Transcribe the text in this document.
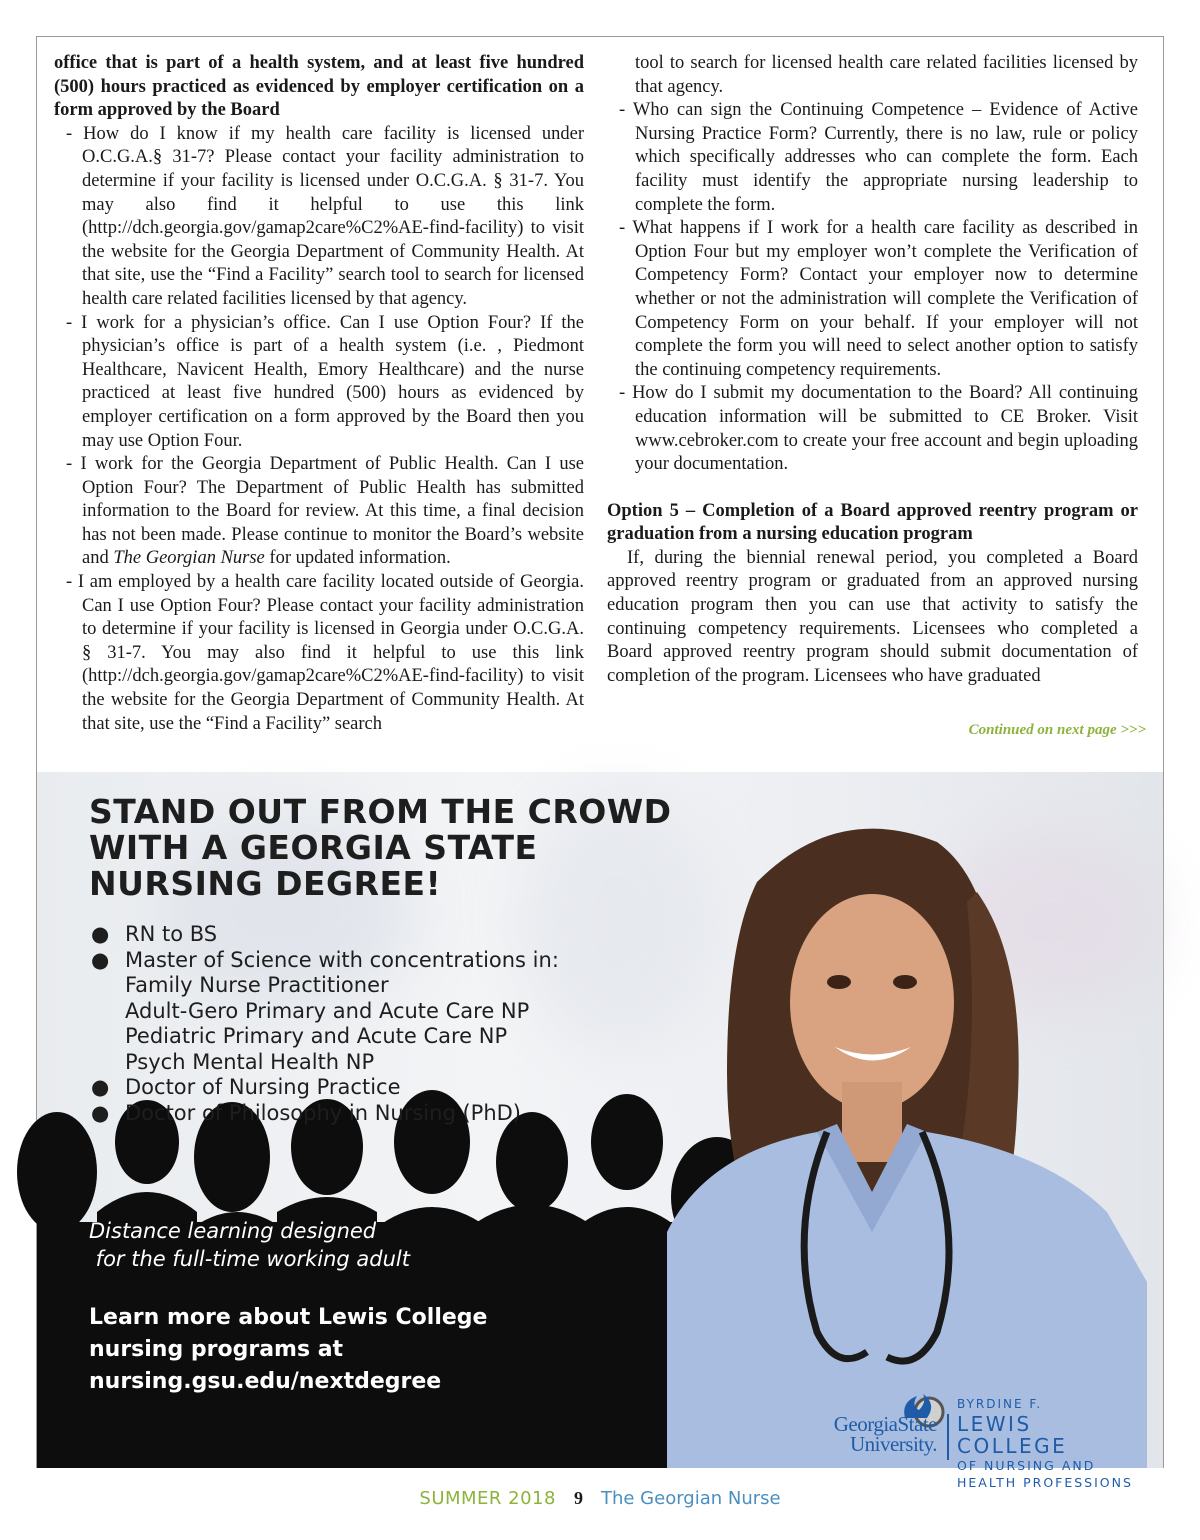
office that is part of a health system, and at least five hundred (500) hours practiced as evidenced by employer certification on a form approved by the Board

- How do I know if my health care facility is licensed under O.C.G.A.§ 31-7? Please contact your facility administration to determine if your facility is licensed under O.C.G.A. § 31-7. You may also find it helpful to use this link (http://dch.georgia.gov/gamap2care%C2%AE-find-facility) to visit the website for the Georgia Department of Community Health. At that site, use the “Find a Facility” search tool to search for licensed health care related facilities licensed by that agency.

- I work for a physician’s office. Can I use Option Four? If the physician’s office is part of a health system (i.e. , Piedmont Healthcare, Navicent Health, Emory Healthcare) and the nurse practiced at least five hundred (500) hours as evidenced by employer certification on a form approved by the Board then you may use Option Four.

- I work for the Georgia Department of Public Health. Can I use Option Four? The Department of Public Health has submitted information to the Board for review. At this time, a final decision has not been made. Please continue to monitor the Board’s website and The Georgian Nurse for updated information.

- I am employed by a health care facility located outside of Georgia. Can I use Option Four? Please contact your facility administration to determine if your facility is licensed in Georgia under O.C.G.A. § 31-7. You may also find it helpful to use this link (http://dch.georgia.gov/gamap2care%C2%AE-find-facility) to visit the website for the Georgia Department of Community Health. At that site, use the “Find a Facility” search

tool to search for licensed health care related facilities licensed by that agency.

- Who can sign the Continuing Competence – Evidence of Active Nursing Practice Form? Currently, there is no law, rule or policy which specifically addresses who can complete the form. Each facility must identify the appropriate nursing leadership to complete the form.

- What happens if I work for a health care facility as described in Option Four but my employer won’t complete the Verification of Competency Form? Contact your employer now to determine whether or not the administration will complete the Verification of Competency Form on your behalf. If your employer will not complete the form you will need to select another option to satisfy the continuing competency requirements.

- How do I submit my documentation to the Board? All continuing education information will be submitted to CE Broker. Visit www.cebroker.com to create your free account and begin uploading your documentation.

Option 5 – Completion of a Board approved reentry program or graduation from a nursing education program

If, during the biennial renewal period, you completed a Board approved reentry program or graduated from an approved nursing education program then you can use that activity to satisfy the continuing competency requirements. Licensees who completed a Board approved reentry program should submit documentation of completion of the program. Licensees who have graduated

Continued on next page >>>
STAND OUT FROM THE CROWD
WITH A GEORGIA STATE
NURSING DEGREE!
● RN to BS
● Master of Science with concentrations in:
Family Nurse Practitioner
Adult-Gero Primary and Acute Care NP
Pediatric Primary and Acute Care NP
Psych Mental Health NP
● Doctor of Nursing Practice
● Doctor of Philosophy in Nursing (PhD)
Distance learning designed
for the full-time working adult
Learn more about Lewis College
nursing programs at
nursing.gsu.edu/nextdegree
GeorgiaState
University.
BYRDINE F.
LEWIS COLLEGE
OF NURSING AND
HEALTH PROFESSIONS
SUMMER 2018 9 The Georgian Nurse
